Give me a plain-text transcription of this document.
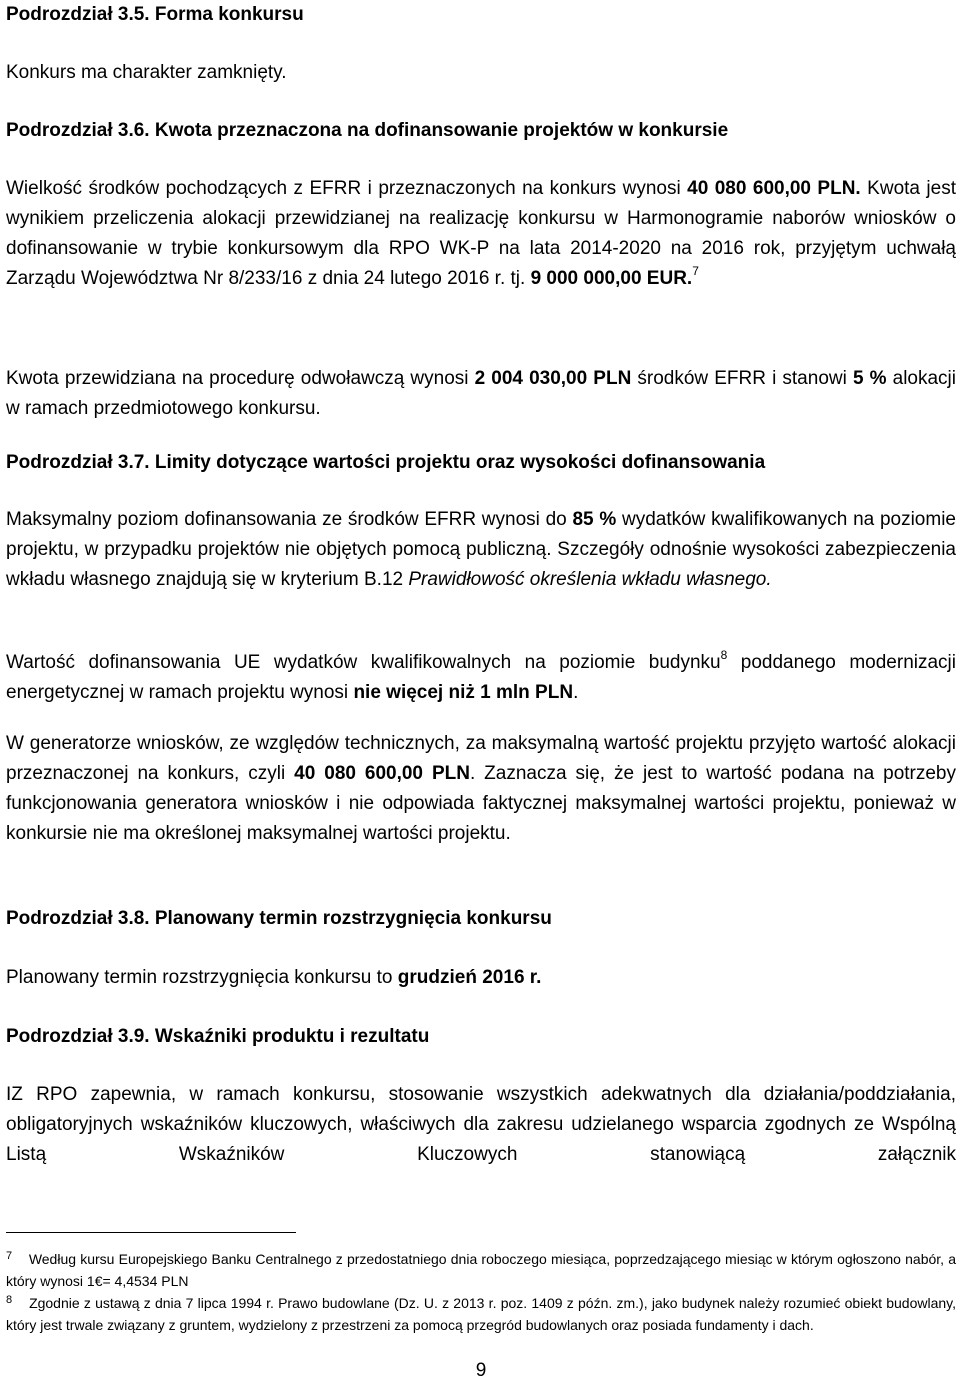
Podrozdział 3.5. Forma konkursu

Konkurs ma charakter zamknięty.

Podrozdział 3.6. Kwota przeznaczona na dofinansowanie projektów w konkursie

Wielkość środków pochodzących z EFRR i przeznaczonych na konkurs wynosi 40 080 600,00 PLN. Kwota jest wynikiem przeliczenia alokacji przewidzianej na realizację konkursu w Harmonogramie naborów wniosków o dofinansowanie w trybie konkursowym dla RPO WK-P na lata 2014-2020 na 2016 rok, przyjętym uchwałą Zarządu Województwa Nr 8/233/16 z dnia 24 lutego 2016 r. tj. 9 000 000,00 EUR.$^7$

Kwota przewidziana na procedurę odwoławczą wynosi 2 004 030,00 PLN środków EFRR i stanowi 5 % alokacji w ramach przedmiotowego konkursu.

Podrozdział 3.7. Limity dotyczące wartości projektu oraz wysokości dofinansowania

Maksymalny poziom dofinansowania ze środków EFRR wynosi do 85 % wydatków kwalifikowanych na poziomie projektu, w przypadku projektów nie objętych pomocą publiczną. Szczegóły odnośnie wysokości zabezpieczenia wkładu własnego znajdują się w kryterium B.12 Prawidłowość określenia wkładu własnego.

Wartość dofinansowania UE wydatków kwalifikowalnych na poziomie budynku$^8$ poddanego modernizacji energetycznej w ramach projektu wynosi nie więcej niż 1 mln PLN.

W generatorze wniosków, ze względów technicznych, za maksymalną wartość projektu przyjęto wartość alokacji przeznaczonej na konkurs, czyli 40 080 600,00 PLN. Zaznacza się, że jest to wartość podana na potrzeby funkcjonowania generatora wniosków i nie odpowiada faktycznej maksymalnej wartości projektu, ponieważ w konkursie nie ma określonej maksymalnej wartości projektu.

Podrozdział 3.8. Planowany termin rozstrzygnięcia konkursu

Planowany termin rozstrzygnięcia konkursu to grudzień 2016 r.

Podrozdział 3.9. Wskaźniki produktu i rezultatu

IZ RPO zapewnia, w ramach konkursu, stosowanie wszystkich adekwatnych dla działania/poddziałania, obligatoryjnych wskaźników kluczowych, właściwych dla zakresu udzielanego wsparcia zgodnych ze Wspólną Listą Wskaźników Kluczowych stanowiącą załącznik

$^7$ Według kursu Europejskiego Banku Centralnego z przedostatniego dnia roboczego miesiąca, poprzedzającego miesiąc w którym ogłoszono nabór, a który wynosi 1€= 4,4534 PLN

$^8$ Zgodnie z ustawą z dnia 7 lipca 1994 r. Prawo budowlane (Dz. U. z 2013 r. poz. 1409 z późn. zm.), jako budynek należy rozumieć obiekt budowlany, który jest trwale związany z gruntem, wydzielony z przestrzeni za pomocą przegród budowlanych oraz posiada fundamenty i dach.

9
